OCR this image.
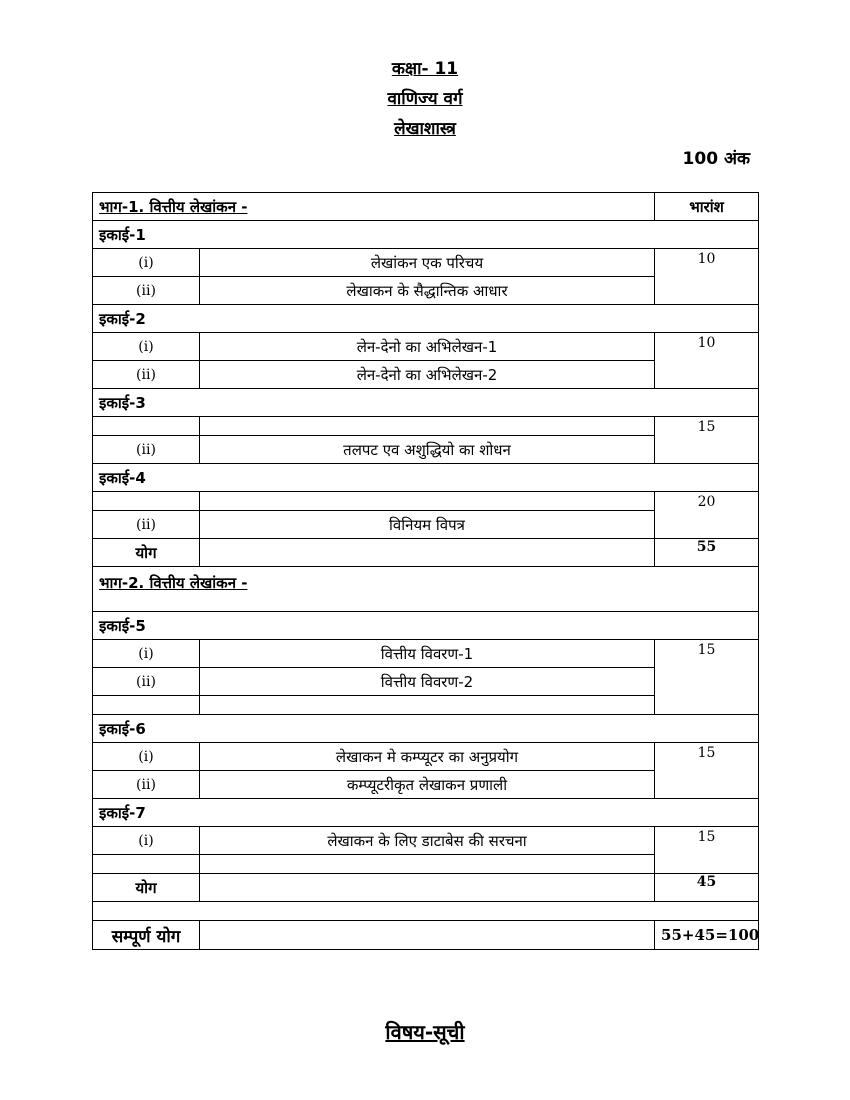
कक्षा- 11
वाणिज्य वर्ग
लेखाशास्त्र
100 अंक
भाग-1. वित्तीय लेखांकन -		भारांश
इकाई-1		
(i)	लेखांकन एक परिचय	10
(ii)	लेखाकन के सैद्धान्तिक आधार	
इकाई-2		
(i)	लेन-देनो का अभिलेखन-1	10
(ii)	लेन-देनो का अभिलेखन-2	
इकाई-3		
		15
(ii)	तलपट एव अशुद्धियो का शोधन	
इकाई-4		
		20
(ii)	विनियम विपत्र	
योग		55
भाग-2. वित्तीय लेखांकन -		
इकाई-5		
(i)	वित्तीय विवरण-1	15
(ii)	वित्तीय विवरण-2	

इकाई-6		
(i)	लेखाकन मे कम्प्यूटर का अनुप्रयोग	15
(ii)	कम्प्यूटरीकृत लेखाकन प्रणाली	
इकाई-7		
(i)	लेखाकन के लिए डाटाबेस की सरचना	15

योग		45

सम्पूर्ण योग		55+45=100
विषय-सूची
